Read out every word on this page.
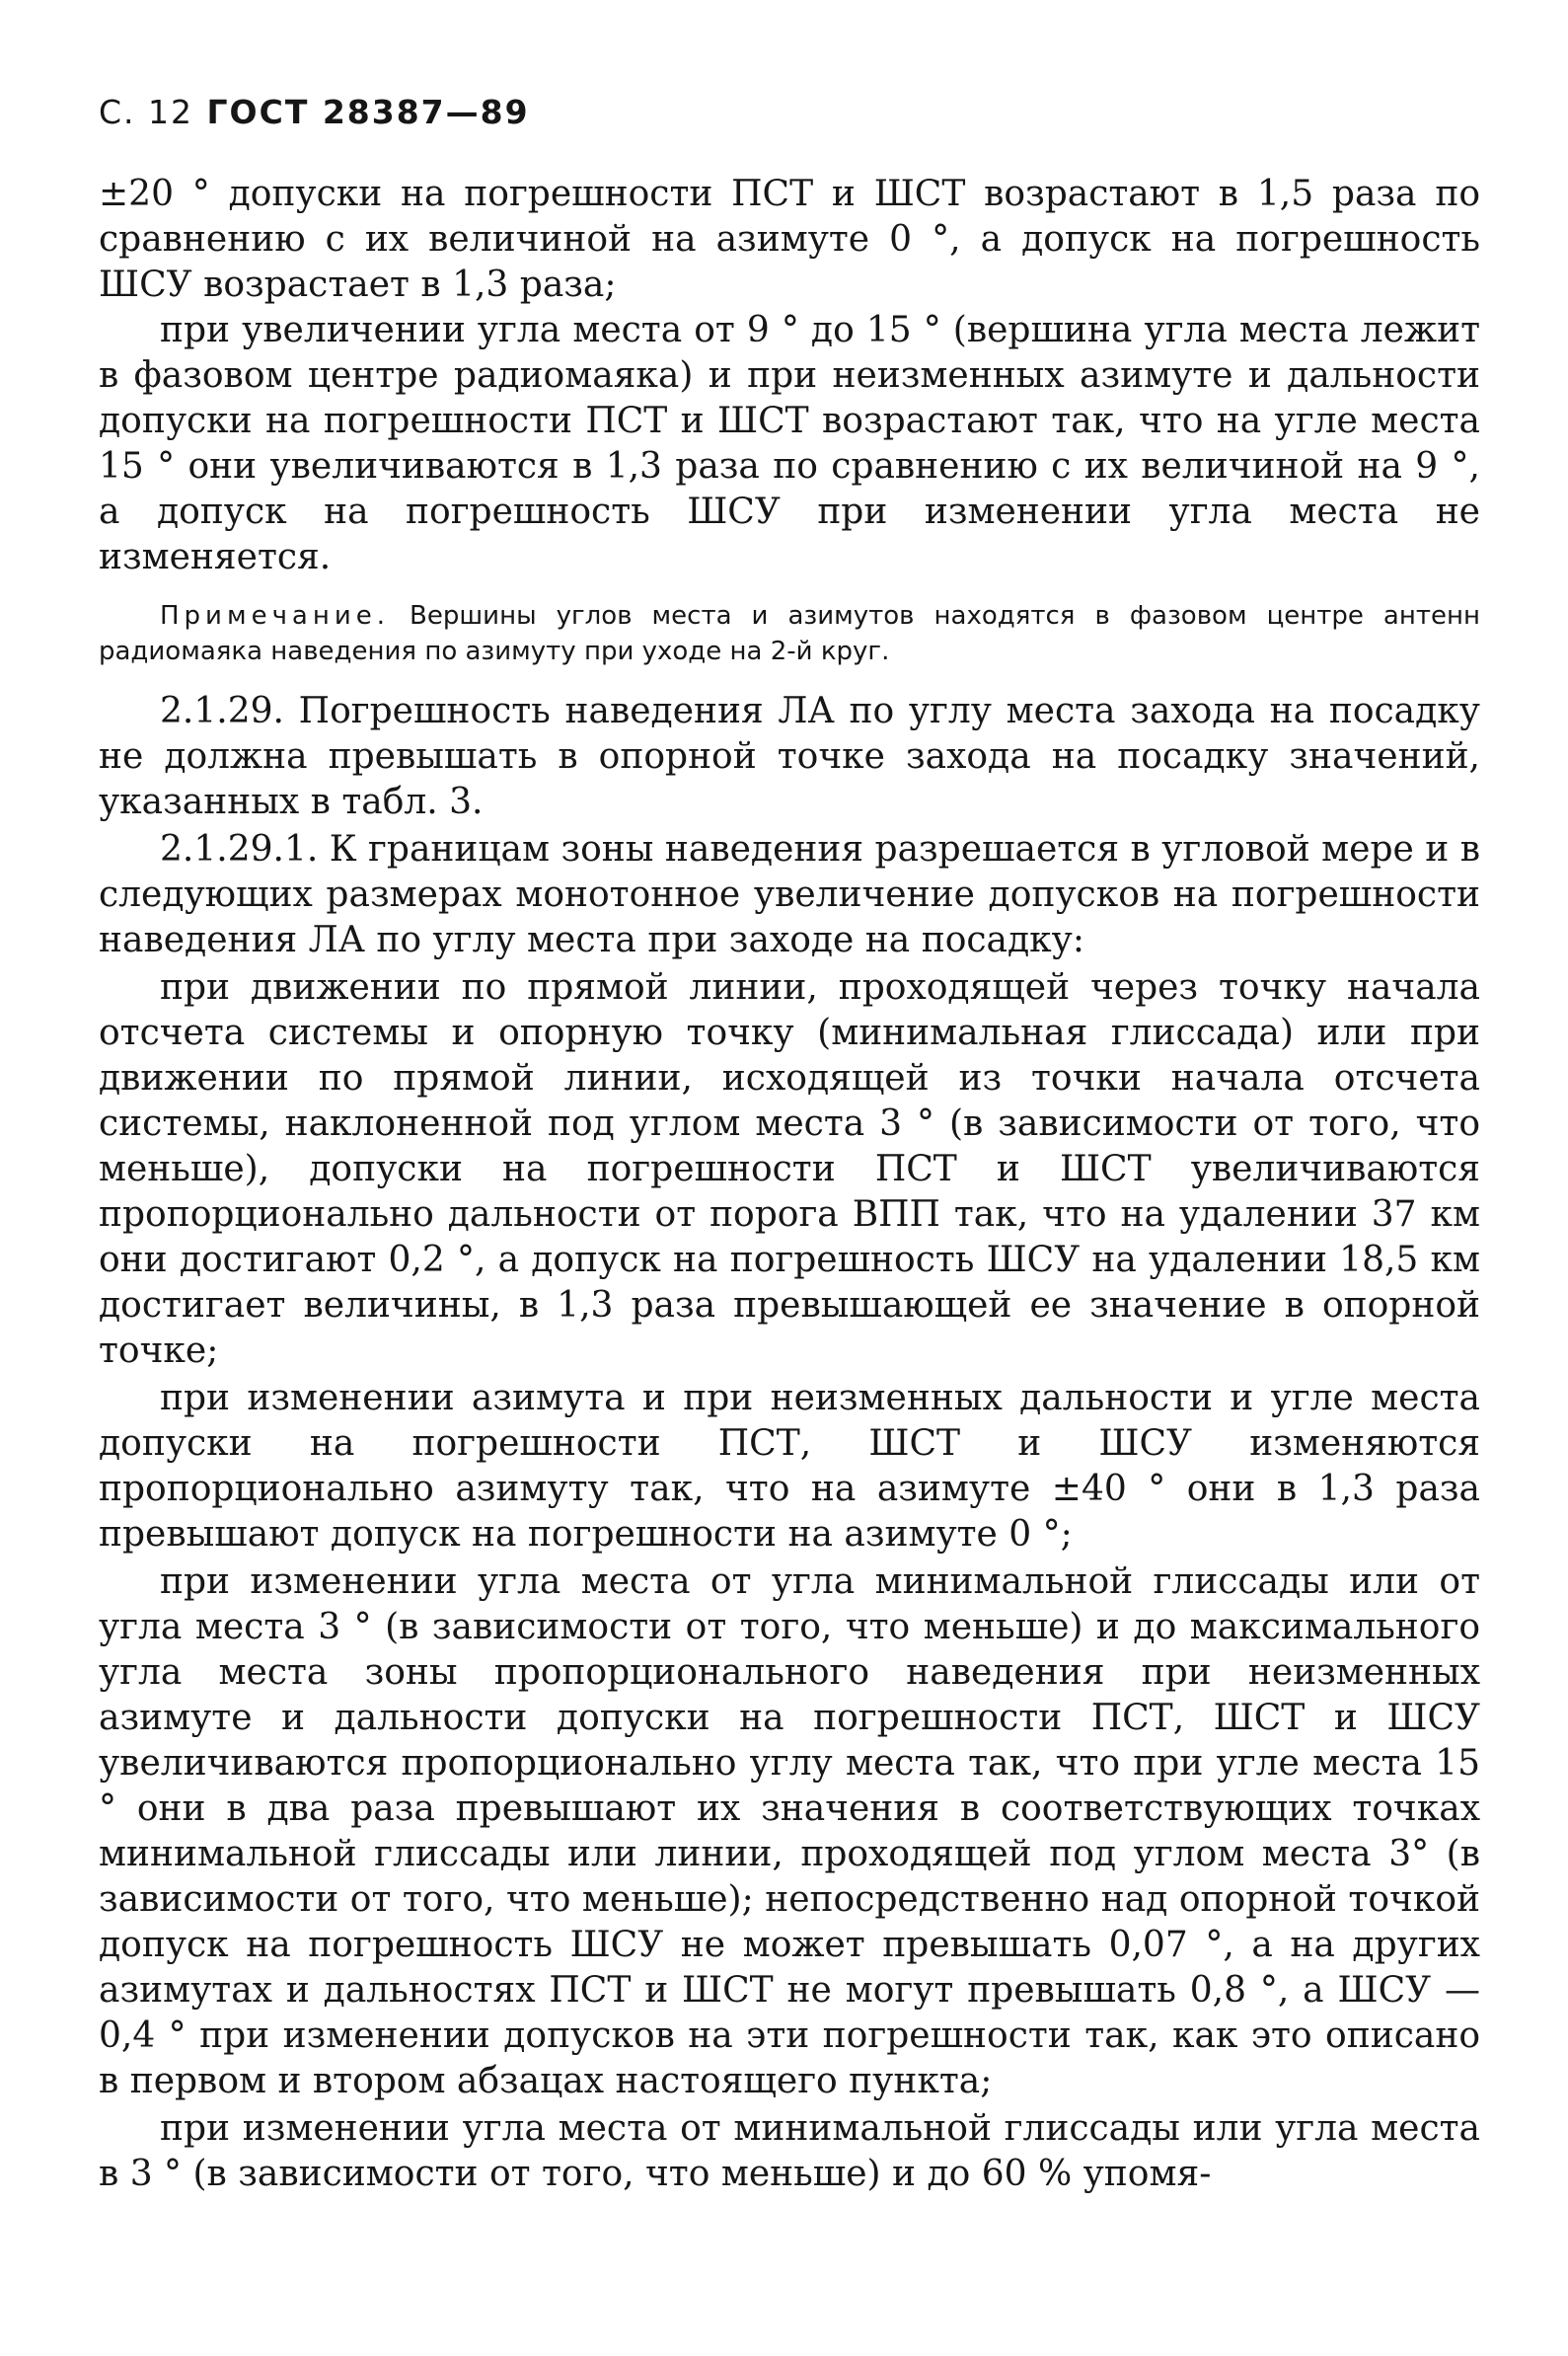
С. 12 ГОСТ 28387—89

±20 ° допуски на погрешности ПСТ и ШСТ возрастают в 1,5 раза по сравнению с их величиной на азимуте 0 °, а допуск на погрешность ШСУ возрастает в 1,3 раза;

при увеличении угла места от 9 ° до 15 ° (вершина угла места лежит в фазовом центре радиомаяка) и при неизменных азимуте и дальности допуски на погрешности ПСТ и ШСТ возрастают так, что на угле места 15 ° они увеличиваются в 1,3 раза по сравнению с их величиной на 9 °, а допуск на погрешность ШСУ при изменении угла места не изменяется.

Примечание. Вершины углов места и азимутов находятся в фазовом центре антенн радиомаяка наведения по азимуту при уходе на 2-й круг.

2.1.29. Погрешность наведения ЛА по углу места захода на посадку не должна превышать в опорной точке захода на посадку значений, указанных в табл. 3.

2.1.29.1. К границам зоны наведения разрешается в угловой мере и в следующих размерах монотонное увеличение допусков на погрешности наведения ЛА по углу места при заходе на посадку:

при движении по прямой линии, проходящей через точку начала отсчета системы и опорную точку (минимальная глиссада) или при движении по прямой линии, исходящей из точки начала отсчета системы, наклоненной под углом места 3 ° (в зависимости от того, что меньше), допуски на погрешности ПСТ и ШСТ увеличиваются пропорционально дальности от порога ВПП так, что на удалении 37 км они достигают 0,2 °, а допуск на погрешность ШСУ на удалении 18,5 км достигает величины, в 1,3 раза превышающей ее значение в опорной точке;

при изменении азимута и при неизменных дальности и угле места допуски на погрешности ПСТ, ШСТ и ШСУ изменяются пропорционально азимуту так, что на азимуте ±40 ° они в 1,3 раза превышают допуск на погрешности на азимуте 0 °;

при изменении угла места от угла минимальной глиссады или от угла места 3 ° (в зависимости от того, что меньше) и до максимального угла места зоны пропорционального наведения при неизменных азимуте и дальности допуски на погрешности ПСТ, ШСТ и ШСУ увеличиваются пропорционально углу места так, что при угле места 15 ° они в два раза превышают их значения в соответствующих точках минимальной глиссады или линии, проходящей под углом места 3° (в зависимости от того, что меньше); непосредственно над опорной точкой допуск на погрешность ШСУ не может превышать 0,07 °, а на других азимутах и дальностях ПСТ и ШСТ не могут превышать 0,8 °, а ШСУ — 0,4 ° при изменении допусков на эти погрешности так, как это описано в первом и втором абзацах настоящего пункта;

при изменении угла места от минимальной глиссады или угла места в 3 ° (в зависимости от того, что меньше) и до 60 % упомя-
